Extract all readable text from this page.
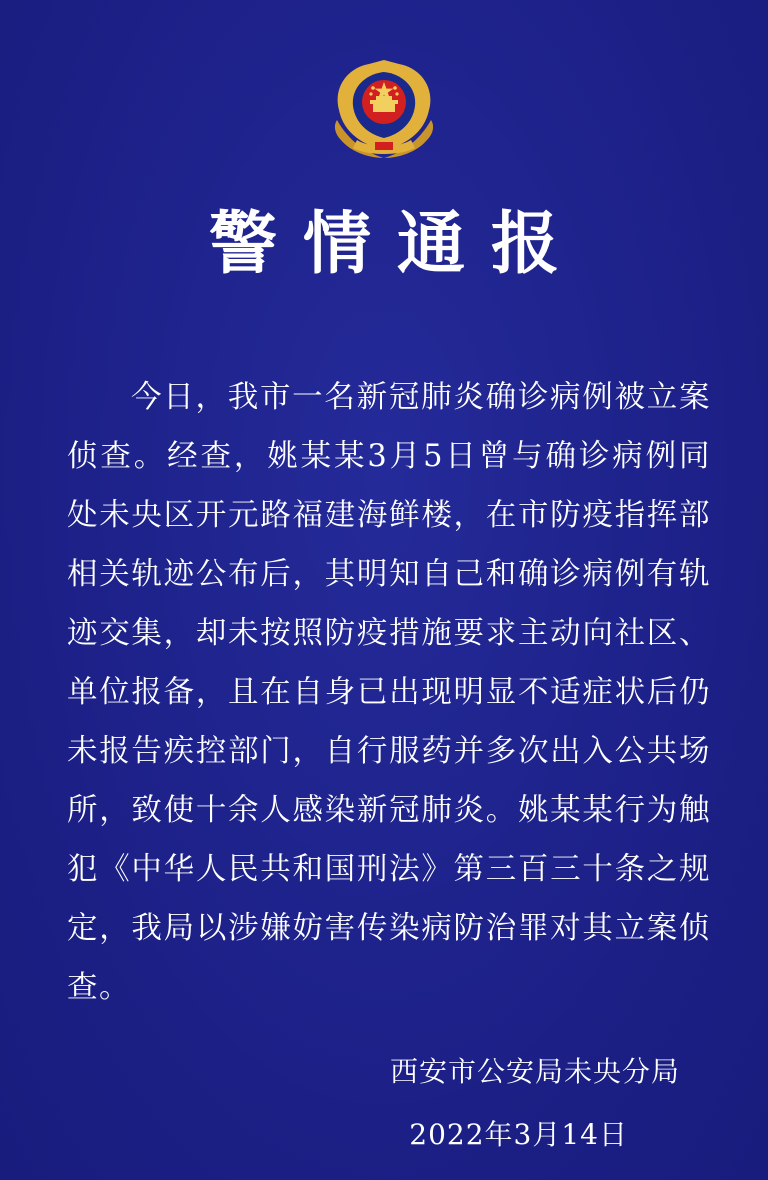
警情通报

今日，我市一名新冠肺炎确诊病例被立案侦查。经查，姚某某3月5日曾与确诊病例同处未央区开元路福建海鲜楼，在市防疫指挥部相关轨迹公布后，其明知自己和确诊病例有轨迹交集，却未按照防疫措施要求主动向社区、单位报备，且在自身已出现明显不适症状后仍未报告疾控部门，自行服药并多次出入公共场所，致使十余人感染新冠肺炎。姚某某行为触犯《中华人民共和国刑法》第三百三十条之规定，我局以涉嫌妨害传染病防治罪对其立案侦查。

西安市公安局未央分局
2022年3月14日
